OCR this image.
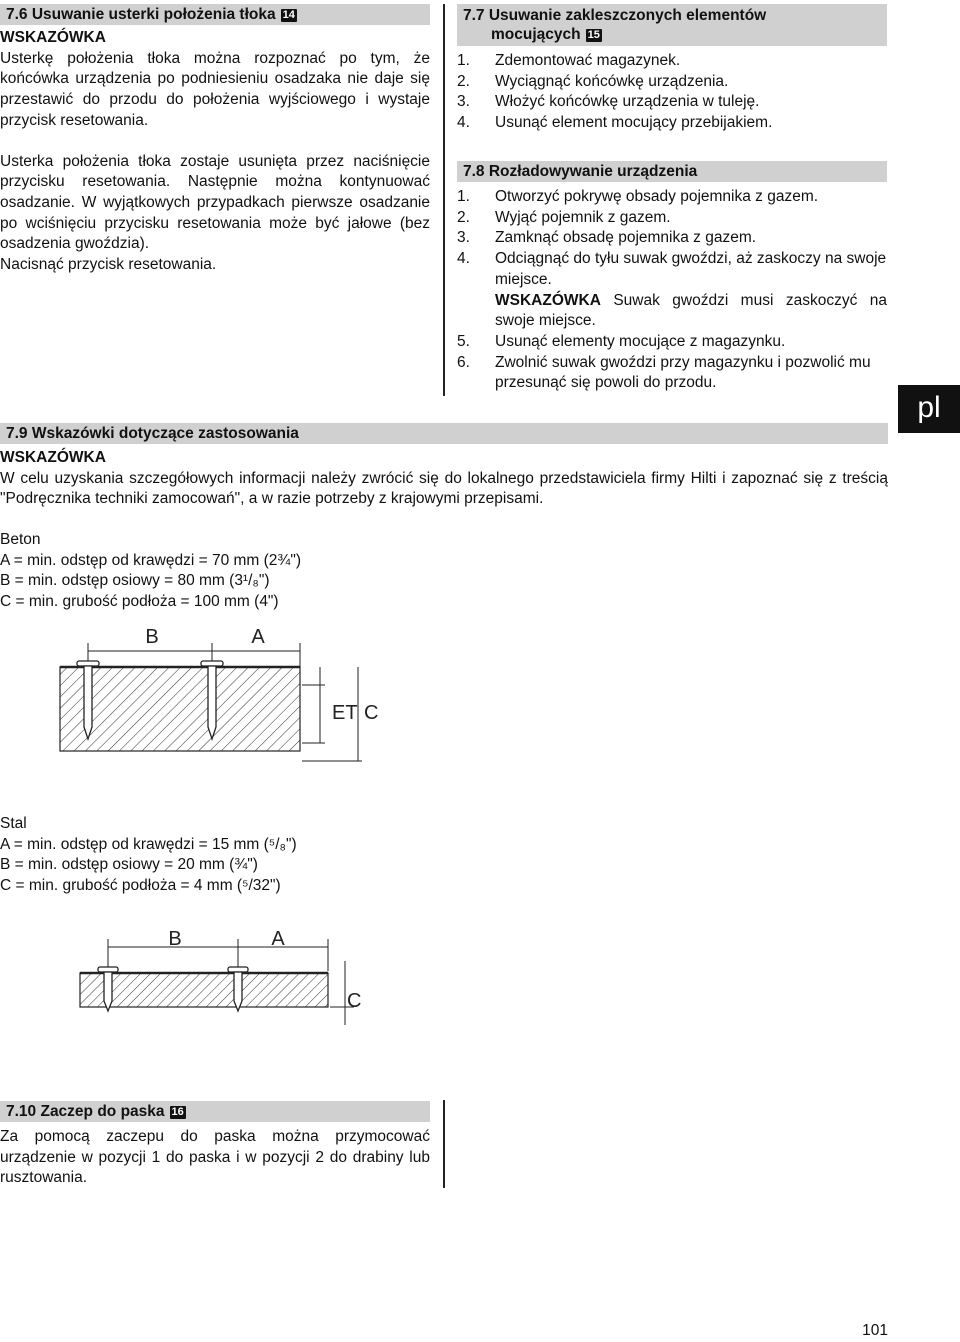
7.6 Usuwanie usterki położenia tłoka 14

WSKAZÓWKA

Usterkę położenia tłoka można rozpoznać po tym, że końcówka urządzenia po podniesieniu osadzaka nie daje się przestawić do przodu do położenia wyjściowego i wystaje przycisk resetowania.

Usterka położenia tłoka zostaje usunięta przez naciśnięcie przycisku resetowania. Następnie można kontynuować osadzanie. W wyjątkowych przypadkach pierwsze osadzanie po wciśnięciu przycisku resetowania może być jałowe (bez osadzenia gwoździa).

Nacisnąć przycisk resetowania.

7.7 Usuwanie zakleszczonych elementów
mocujących 15
1. Zdemontować magazynek.
2. Wyciągnąć końcówkę urządzenia.
3. Włożyć końcówkę urządzenia w tuleję.
4. Usunąć element mocujący przebijakiem.
7.8 Rozładowywanie urządzenia
1. Otworzyć pokrywę obsady pojemnika z gazem.
2. Wyjąć pojemnik z gazem.
3. Zamknąć obsadę pojemnika z gazem.
4. Odciągnąć do tyłu suwak gwoździ, aż zaskoczy na swoje miejsce.
WSKAZÓWKA Suwak gwoździ musi zaskoczyć na swoje miejsce.
5. Usunąć elementy mocujące z magazynku.
6. Zwolnić suwak gwoździ przy magazynku i pozwolić mu przesunąć się powoli do przodu.
pl
7.9 Wskazówki dotyczące zastosowania

WSKAZÓWKA

W celu uzyskania szczegółowych informacji należy zwrócić się do lokalnego przedstawiciela firmy Hilti i zapoznać się z treścią "Podręcznika techniki zamocowań", a w razie potrzeby z krajowymi przepisami.

Beton

A = min. odstęp od krawędzi = 70 mm (2¾")

B = min. odstęp osiowy = 80 mm (3¹/₈")

C = min. grubość podłoża = 100 mm (4")

B	A
ET C

Stal

A = min. odstęp od krawędzi = 15 mm (⁵/₈")

B = min. odstęp osiowy = 20 mm (¾")

C = min. grubość podłoża = 4 mm (⁵/32")

B	A
C
7.10 Zaczep do paska 16

Za pomocą zaczepu do paska można przymocować urządzenie w pozycji 1 do paska i w pozycji 2 do drabiny lub rusztowania.

101
